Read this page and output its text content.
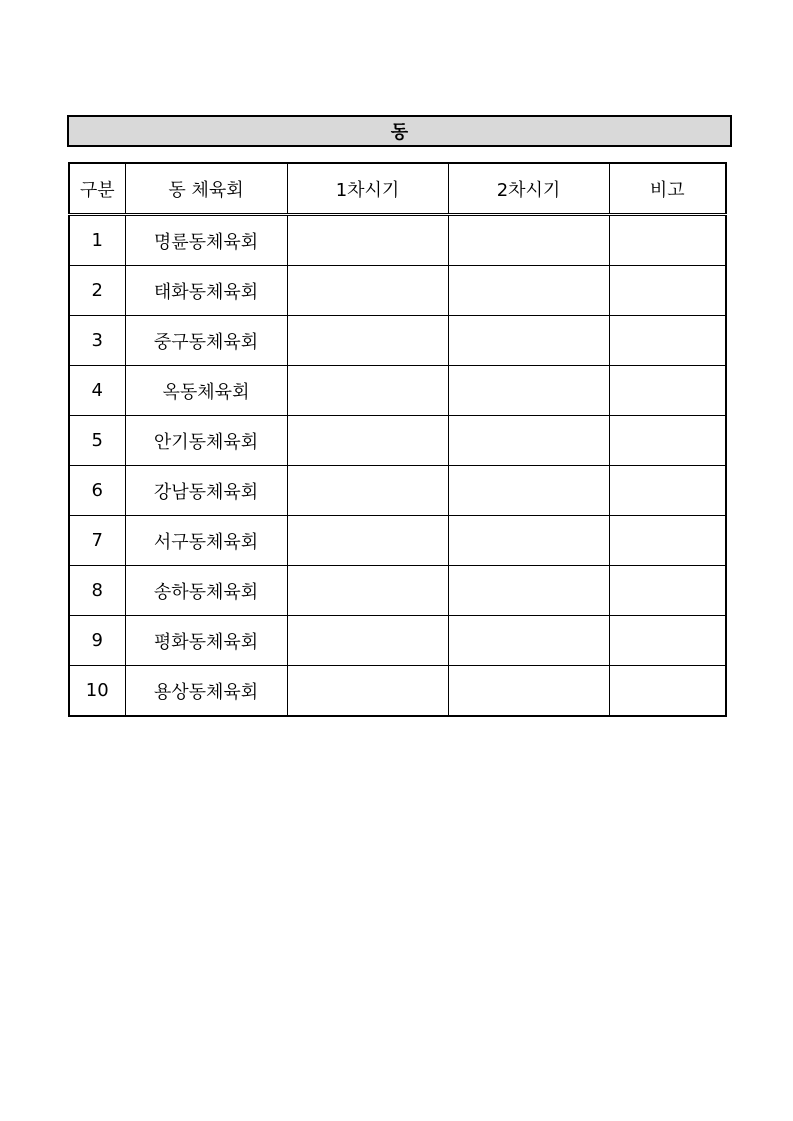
동
구분	동 체육회	1차시기	2차시기	비고
1	명륜동체육회			
2	태화동체육회			
3	중구동체육회			
4	옥동체육회			
5	안기동체육회			
6	강남동체육회			
7	서구동체육회			
8	송하동체육회			
9	평화동체육회			
10	용상동체육회			
